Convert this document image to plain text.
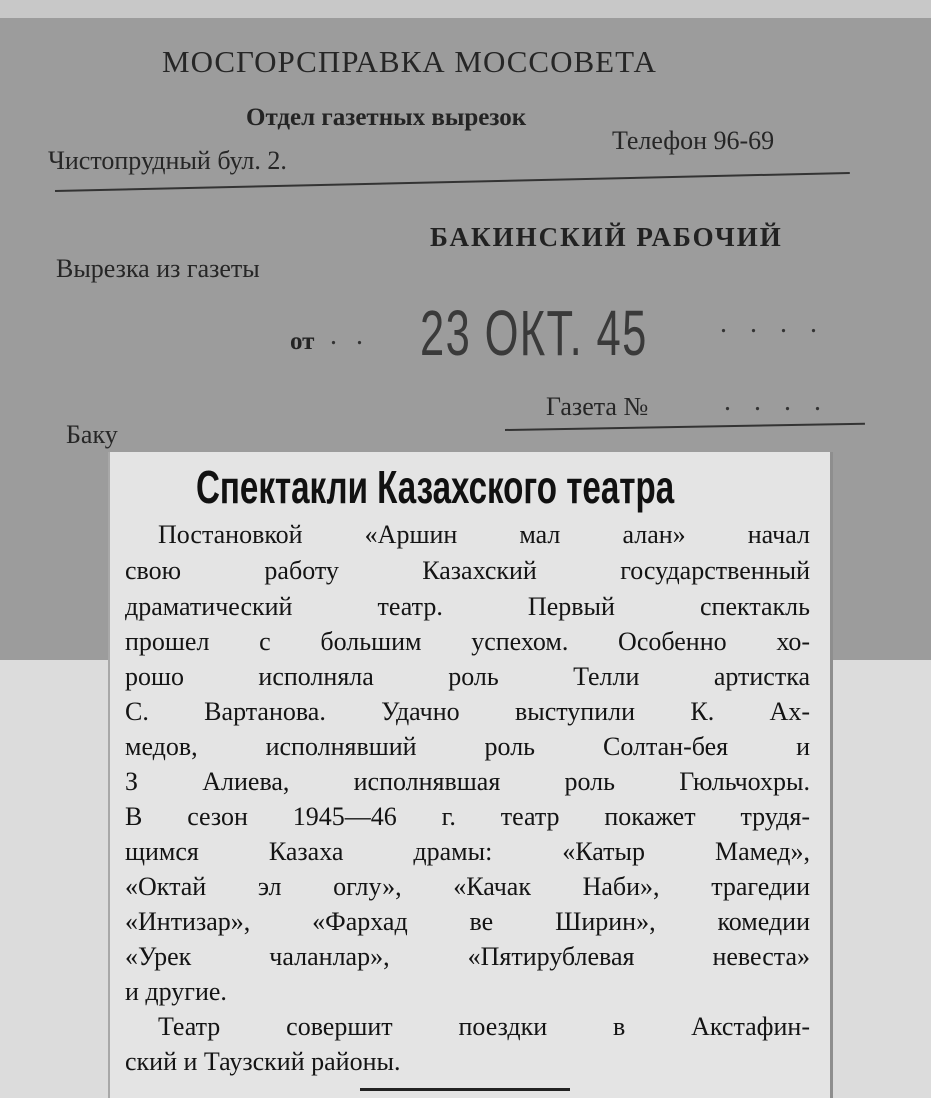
МОСГОРСПРАВКА МОССОВЕТА
Отдел газетных вырезок
Чистопрудный бул. 2.
Телефон 96-69
Вырезка из газеты
БАКИНСКИЙ РАБОЧИЙ
от . . 23 ОКТ. 45	. . . .
Газета №	. . . .
Баку
Спектакли Казахского театра
Постановкой «Аршин мал алан» начал
свою работу Казахский государственный
драматический театр. Первый спектакль
прошел с большим успехом. Особенно хо-
рошо исполняла роль Телли артистка
С. Вартанова. Удачно выступили К. Ах-
медов, исполнявший роль Солтан-бея и
З Алиева, исполнявшая роль Гюльчохры.
В сезон 1945—46 г. театр покажет трудя-
щимся Казаха драмы: «Катыр Мамед»,
«Октай эл оглу», «Качак Наби», трагедии
«Интизар», «Фархад ве Ширин», комедии
«Урек чаланлар», «Пятирублевая невеста»
и другие.
Театр совершит поездки в Акстафин-
ский и Таузский районы.
